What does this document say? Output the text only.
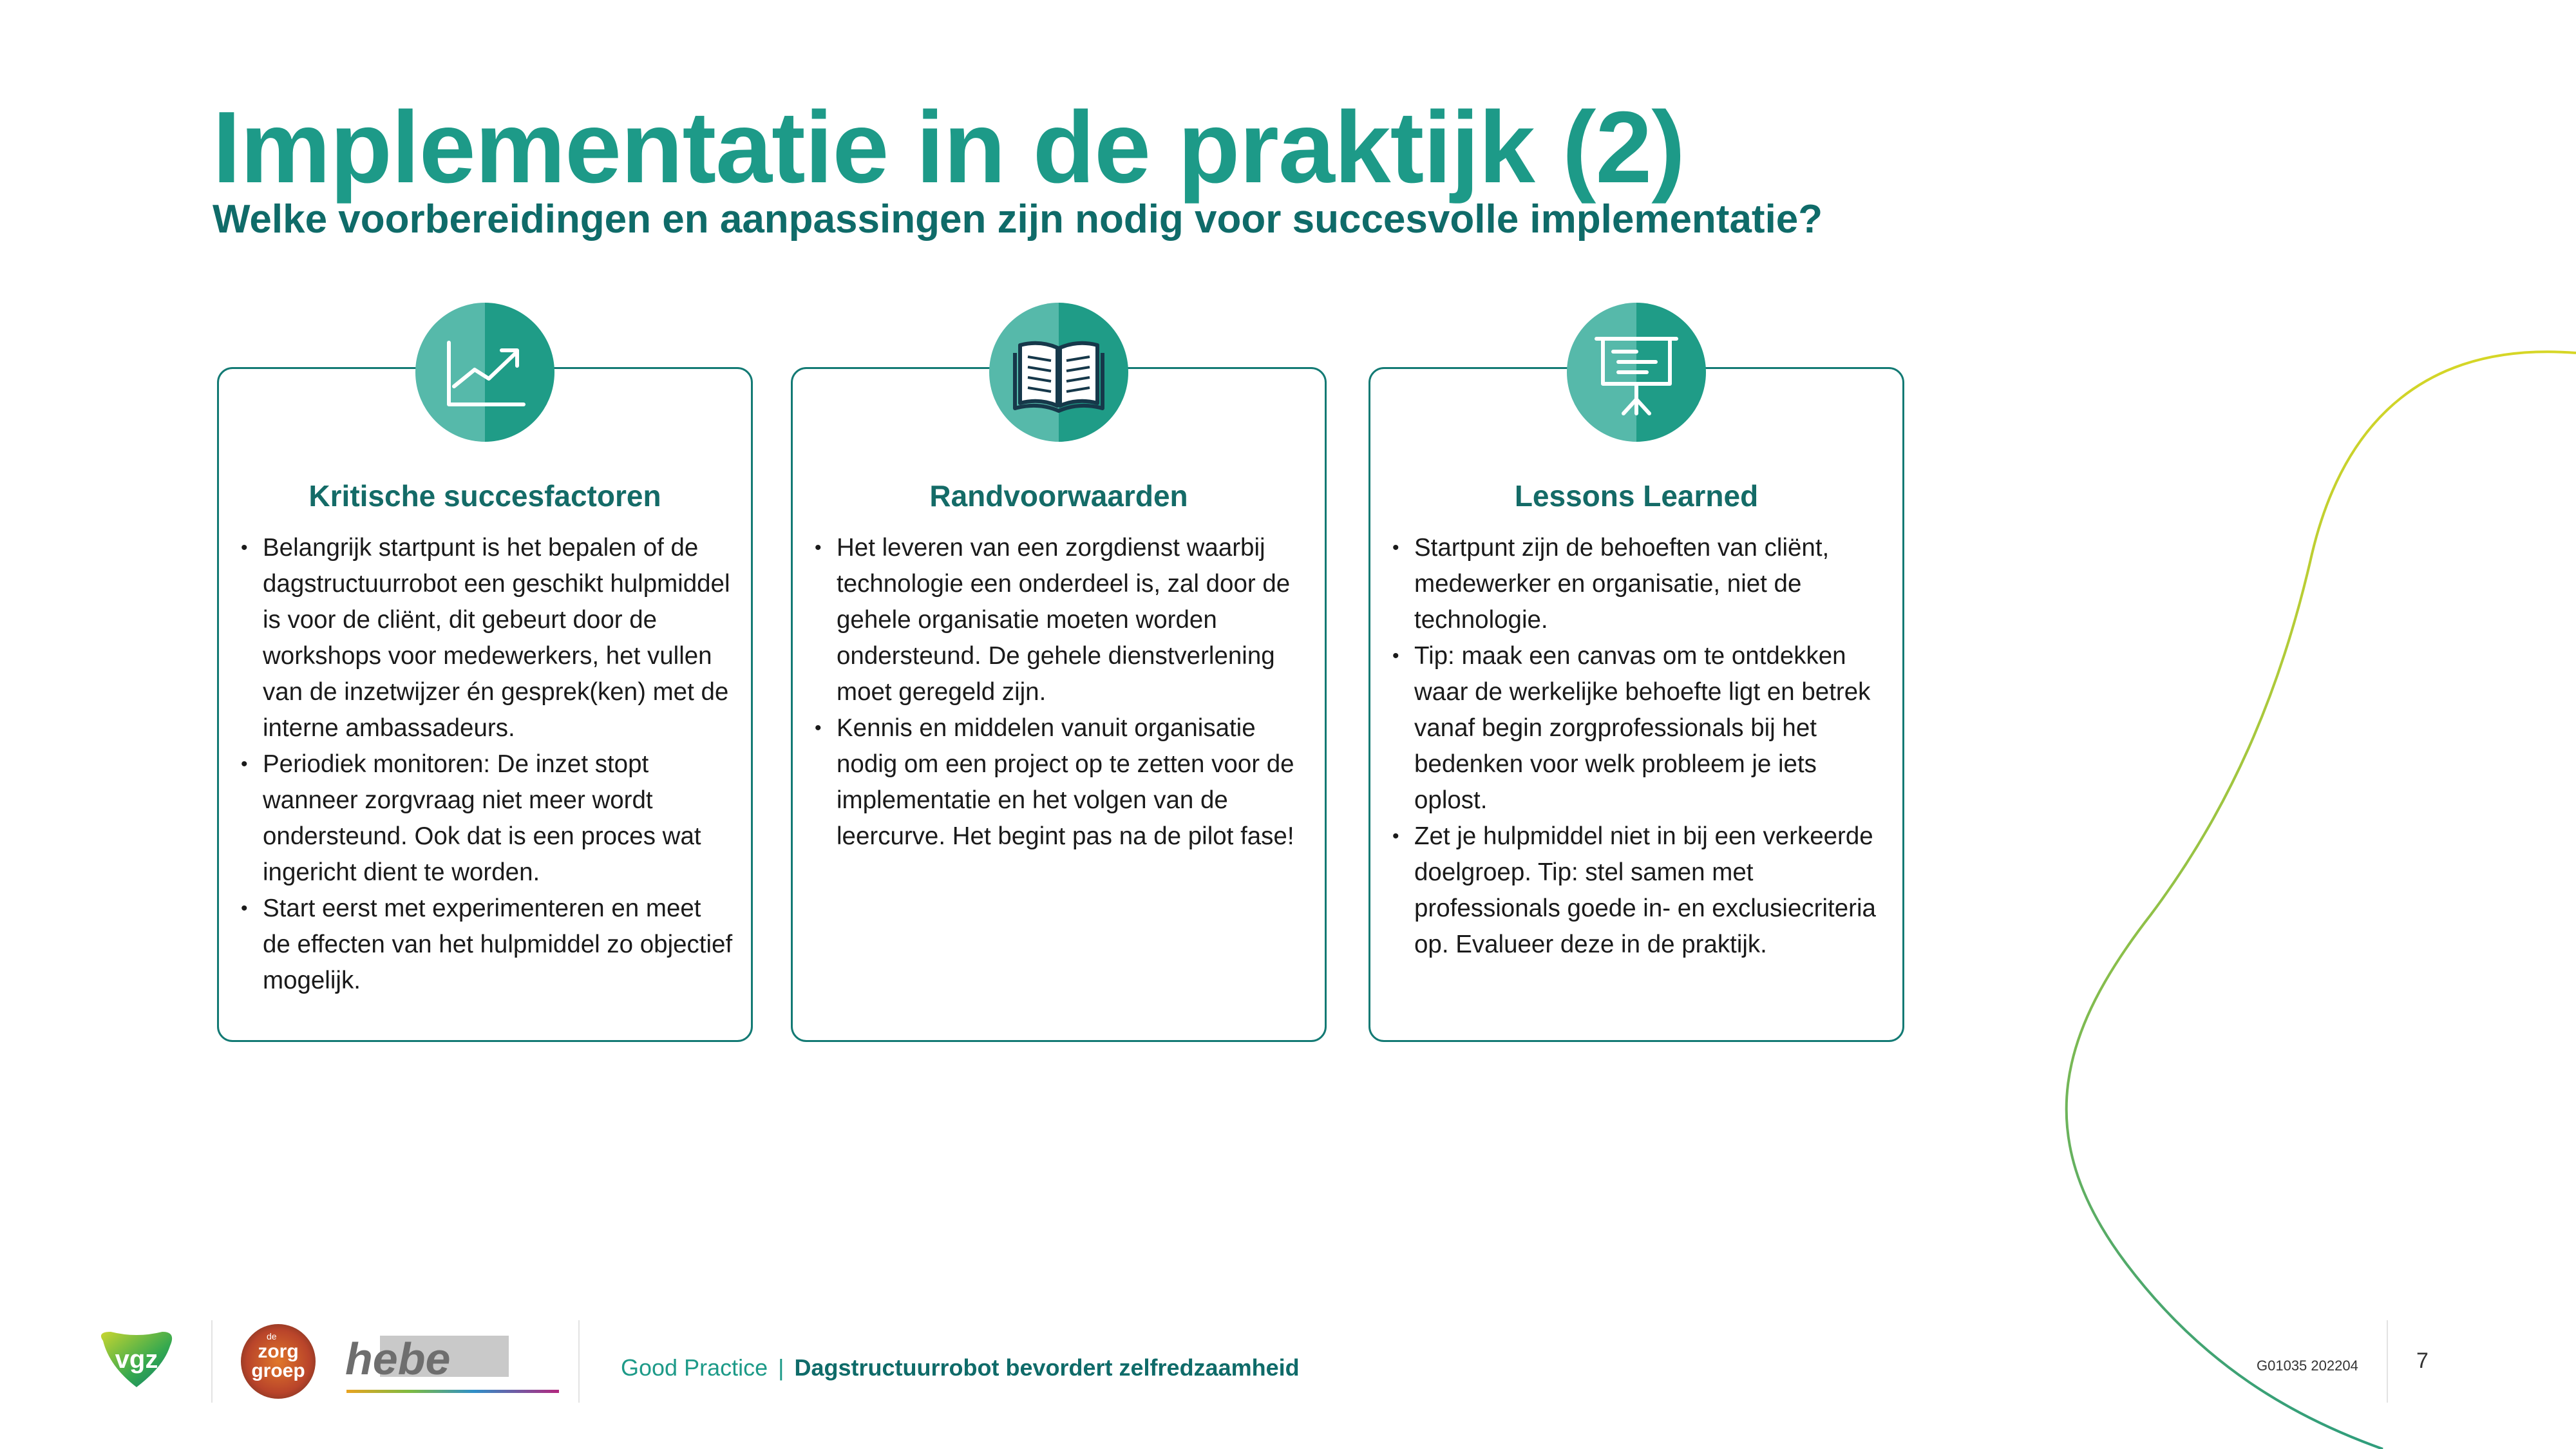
Implementatie in de praktijk (2)
Welke voorbereidingen en aanpassingen zijn nodig voor succesvolle implementatie?
Kritische succesfactoren
• Belangrijk startpunt is het bepalen of de dagstructuurrobot een geschikt hulpmiddel is voor de cliënt, dit gebeurt door de workshops voor medewerkers, het vullen van de inzetwijzer én gesprek(ken) met de interne ambassadeurs.
• Periodiek monitoren: De inzet stopt wanneer zorgvraag niet meer wordt ondersteund. Ook dat is een proces wat ingericht dient te worden.
• Start eerst met experimenteren en meet de effecten van het hulpmiddel zo objectief mogelijk.
Randvoorwaarden
• Het leveren van een zorgdienst waarbij technologie een onderdeel is, zal door de gehele organisatie moeten worden ondersteund. De gehele dienstverlening moet geregeld zijn.
• Kennis en middelen vanuit organisatie nodig om een project op te zetten voor de implementatie en het volgen van de leercurve. Het begint pas na de pilot fase!
Lessons Learned
• Startpunt zijn de behoeften van cliënt, medewerker en organisatie, niet de technologie.
• Tip: maak een canvas om te ontdekken waar de werkelijke behoefte ligt en betrek vanaf begin zorgprofessionals bij het bedenken voor welk probleem je iets oplost.
• Zet je hulpmiddel niet in bij een verkeerde doelgroep. Tip: stel samen met professionals goede in- en exclusiecriteria op. Evalueer deze in de praktijk.
vgz
de
zorg
groep hebe	Good Practice | Dagstructuurrobot bevordert zelfredzaamheid	G01035 202204	7
